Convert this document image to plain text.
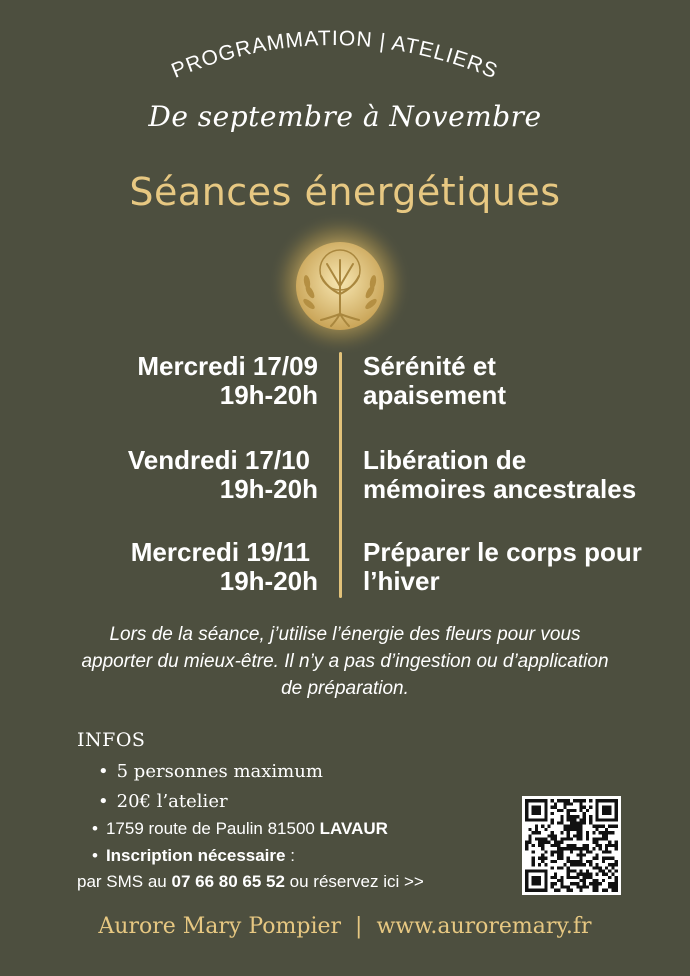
PROGRAMMATION | ATELIERS
De septembre à Novembre
Séances énergétiques
Mercredi 17/09
19h-20h
Sérénité et
apaisement
Vendredi 17/10
19h-20h
Libération de
mémoires ancestrales
Mercredi 19/11
19h-20h
Préparer le corps pour
l’hiver
Lors de la séance, j’utilise l’énergie des fleurs pour vous
apporter du mieux-être. Il n’y a pas d’ingestion ou d’application
de préparation.
INFOS
• 5 personnes maximum
• 20€ l’atelier
• 1759 route de Paulin 81500 LAVAUR
• Inscription nécessaire :
par SMS au 07 66 80 65 52 ou réservez ici >>
Aurore Mary Pompier | www.auroremary.fr
